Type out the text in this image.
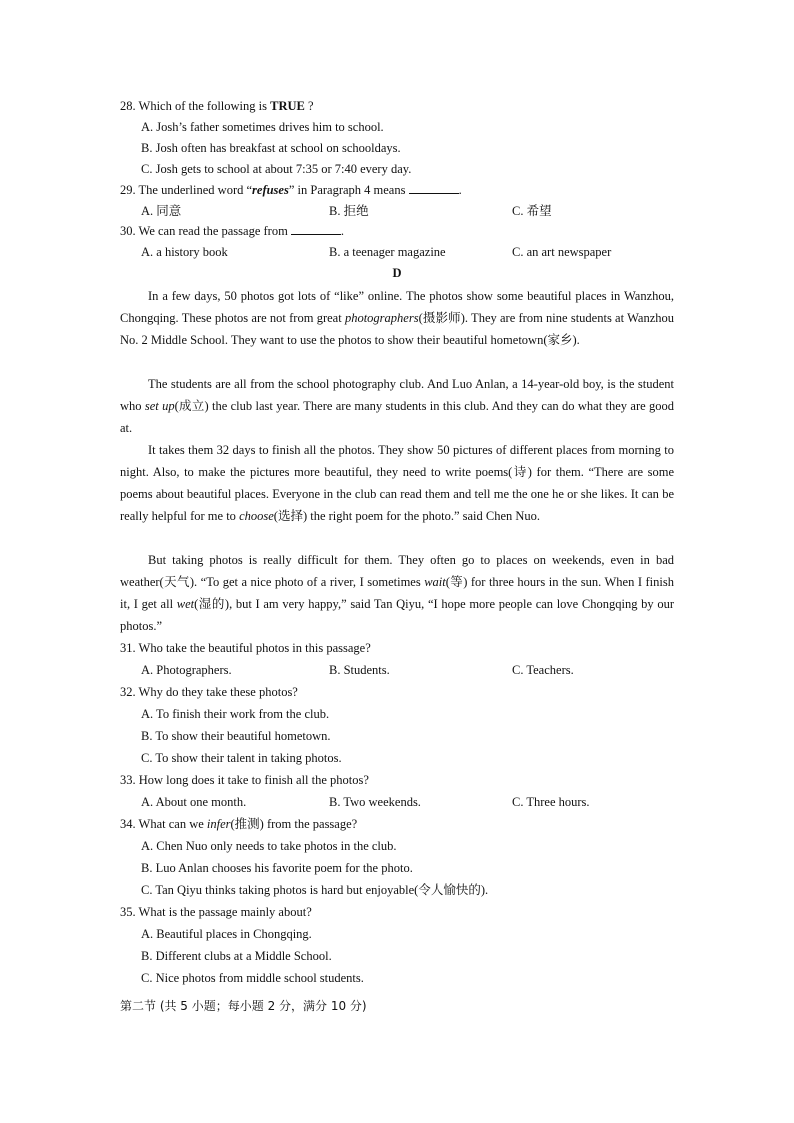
28. Which of the following is TRUE ?
A. Josh’s father sometimes drives him to school.
B. Josh often has breakfast at school on schooldays.
C. Josh gets to school at about 7:35 or 7:40 every day.
29. The underlined word “refuses” in Paragraph 4 means	.
A. 同意	B. 拒绝	C. 希望
30. We can read the passage from	.
A. a history book	B. a teenager magazine	C. an art newspaper
D
In a few days, 50 photos got lots of “like” online. The photos show some beautiful places in Wanzhou, Chongqing. These photos are not from great photographers(摄影师). They are from nine students at Wanzhou No. 2 Middle School. They want to use the photos to show their beautiful hometown(家乡).
The students are all from the school photography club. And Luo Anlan, a 14-year-old boy, is the student who set up(成立) the club last year. There are many students in this club. And they can do what they are good at.
It takes them 32 days to finish all the photos. They show 50 pictures of different places from morning to night. Also, to make the pictures more beautiful, they need to write poems(诗) for them. “There are some poems about beautiful places. Everyone in the club can read them and tell me the one he or she likes. It can be really helpful for me to choose(选择) the right poem for the photo.” said Chen Nuo.
But taking photos is really difficult for them. They often go to places on weekends, even in bad weather(天气). “To get a nice photo of a river, I sometimes wait(等) for three hours in the sun. When I finish it, I get all wet(湿的), but I am very happy,” said Tan Qiyu, “I hope more people can love Chongqing by our photos.”
31. Who take the beautiful photos in this passage?
A. Photographers.	B. Students.	C. Teachers.
32. Why do they take these photos?
A. To finish their work from the club.
B. To show their beautiful hometown.
C. To show their talent in taking photos.
33. How long does it take to finish all the photos?
A. About one month.	B. Two weekends.	C. Three hours.
34. What can we infer(推测) from the passage?
A. Chen Nuo only needs to take photos in the club.
B. Luo Anlan chooses his favorite poem for the photo.
C. Tan Qiyu thinks taking photos is hard but enjoyable(令人愉快的).
35. What is the passage mainly about?
A. Beautiful places in Chongqing.
B. Different clubs at a Middle School.
C. Nice photos from middle school students.
第二节 (共 5 小题；每小题 2 分，满分 10 分)
